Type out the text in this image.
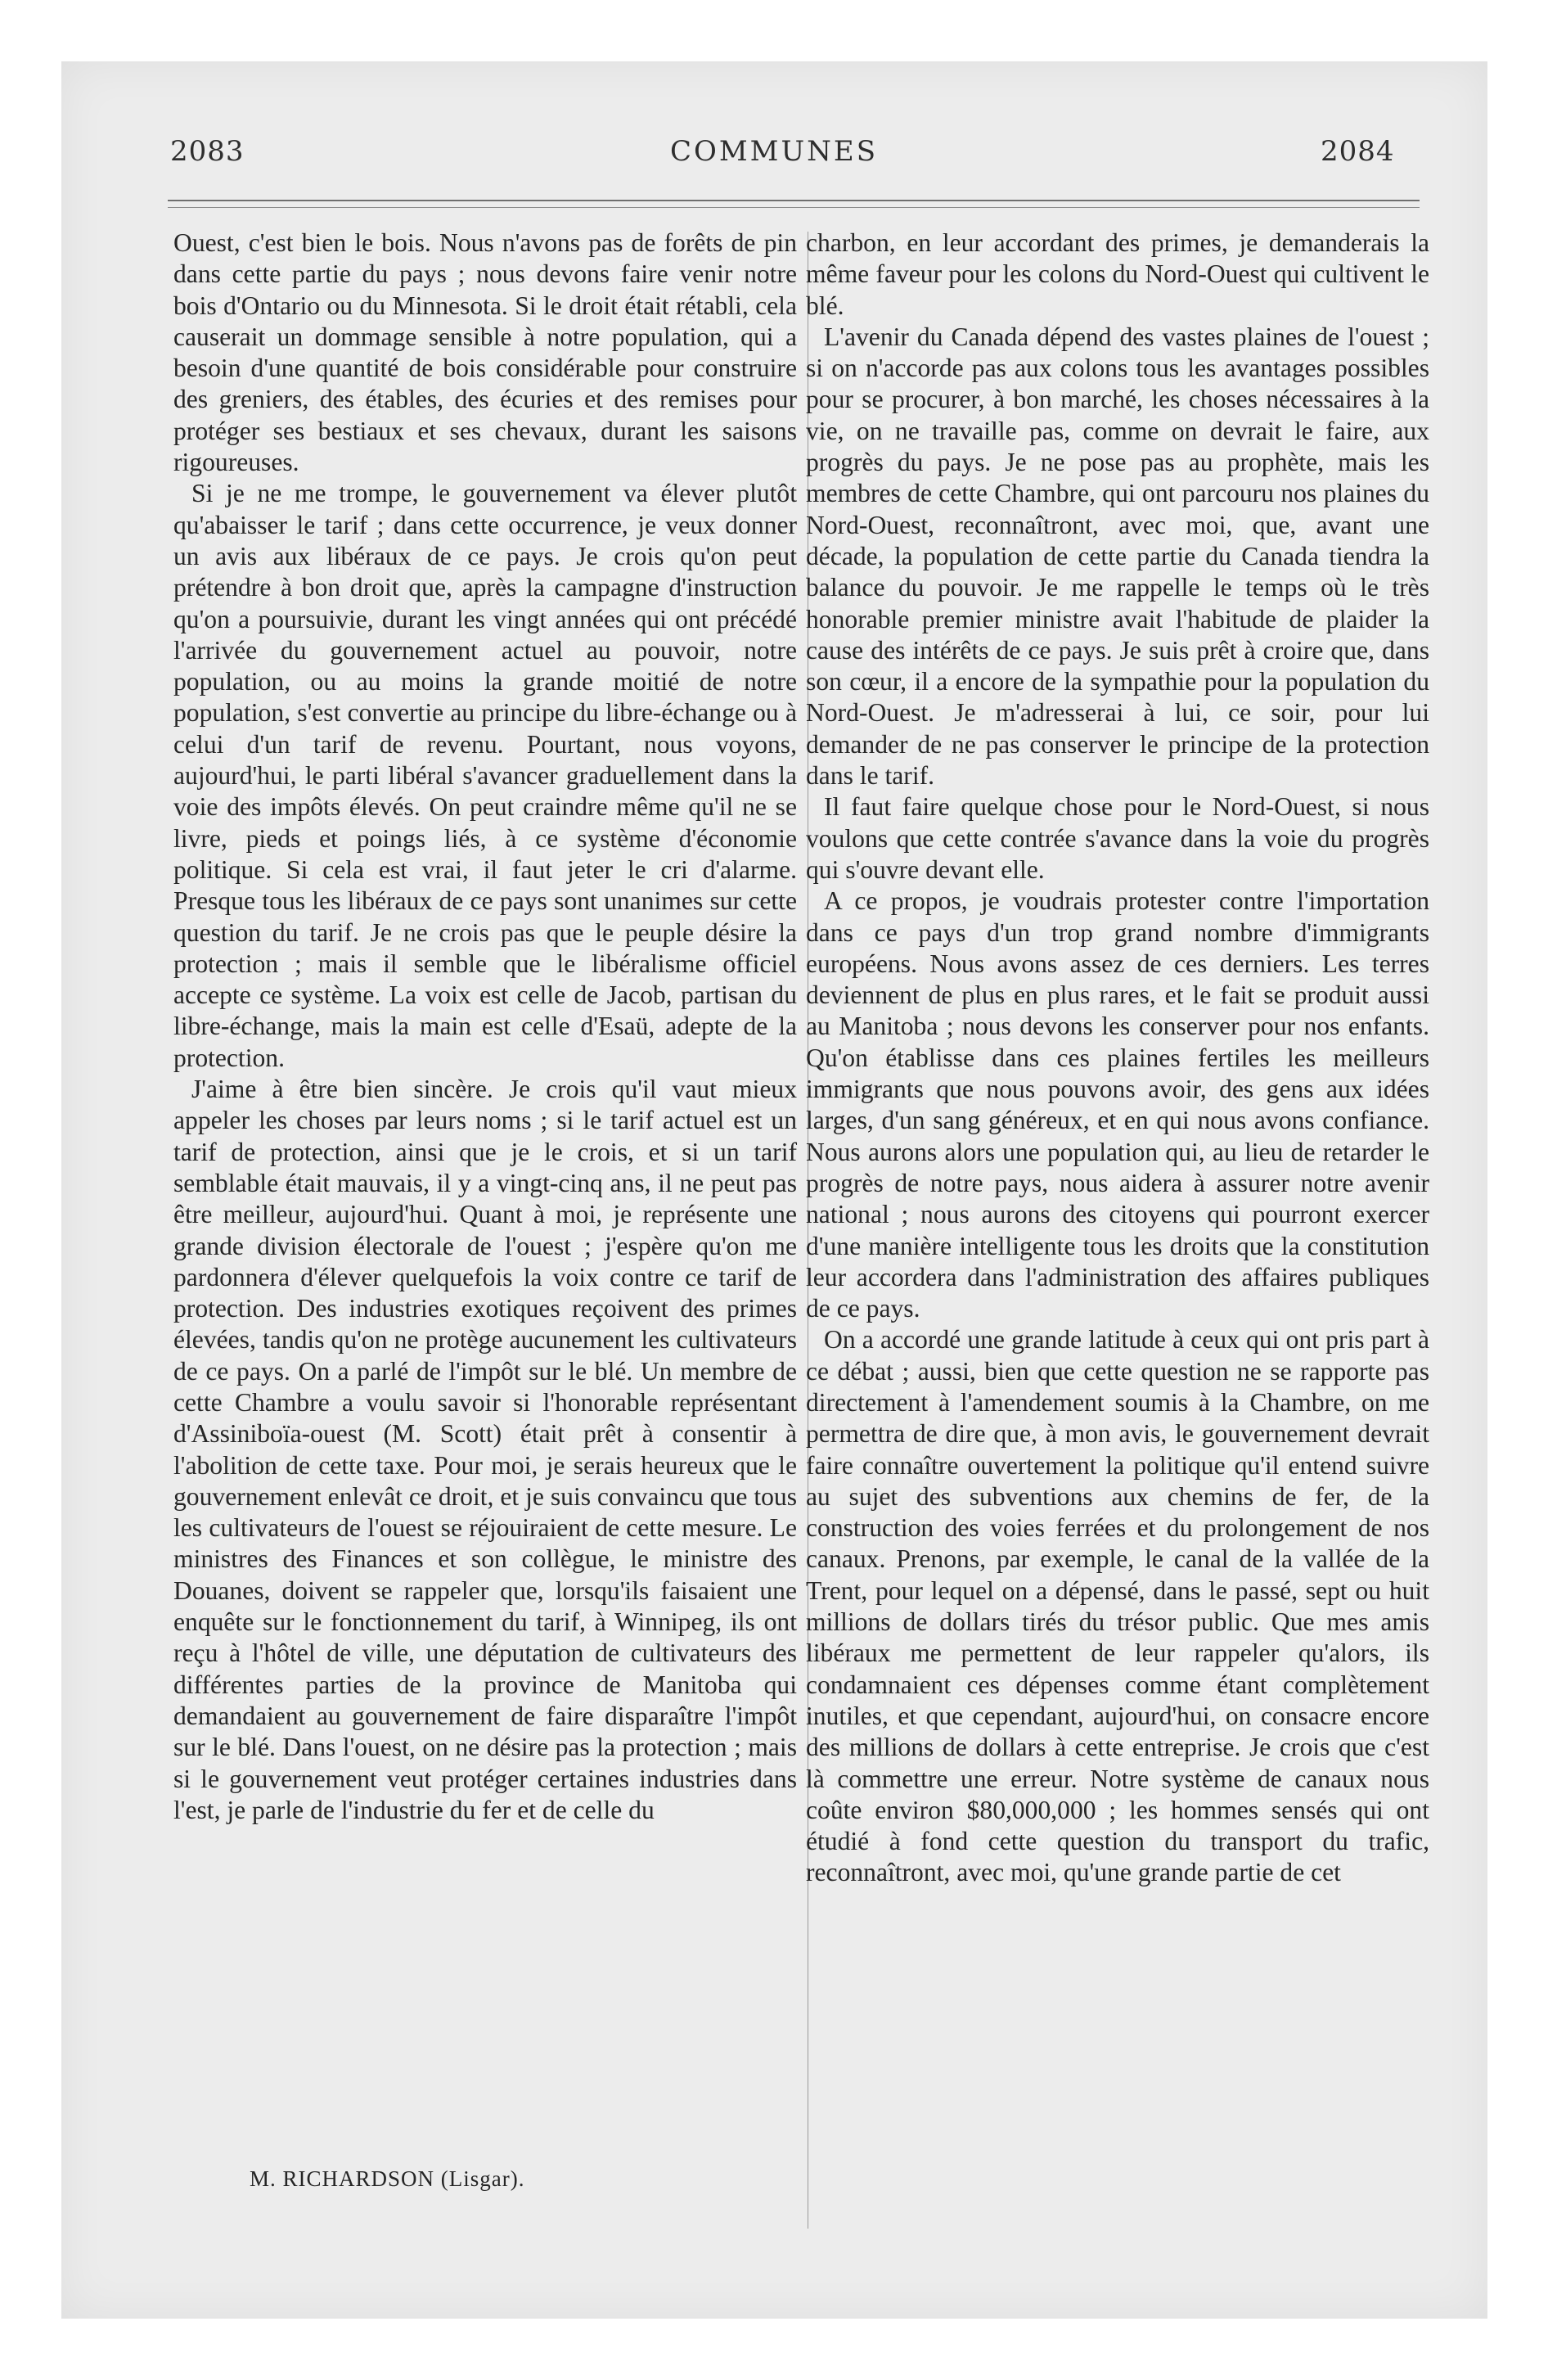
2083	COMMUNES	2084

Ouest, c'est bien le bois. Nous n'avons pas de forêts de pin dans cette partie du pays ; nous devons faire venir notre bois d'Ontario ou du Minnesota. Si le droit était rétabli, cela causerait un dommage sensible à notre population, qui a besoin d'une quantité de bois considérable pour construire des greniers, des étables, des écuries et des remises pour protéger ses bestiaux et ses chevaux, durant les saisons rigoureuses.

Si je ne me trompe, le gouvernement va élever plutôt qu'abaisser le tarif ; dans cette occurrence, je veux donner un avis aux libéraux de ce pays. Je crois qu'on peut prétendre à bon droit que, après la campagne d'instruction qu'on a poursuivie, durant les vingt années qui ont précédé l'arrivée du gouvernement actuel au pouvoir, notre population, ou au moins la grande moitié de notre population, s'est convertie au principe du libre-échange ou à celui d'un tarif de revenu. Pourtant, nous voyons, aujourd'hui, le parti libéral s'avancer graduellement dans la voie des impôts élevés. On peut craindre même qu'il ne se livre, pieds et poings liés, à ce système d'économie politique. Si cela est vrai, il faut jeter le cri d'alarme. Presque tous les libéraux de ce pays sont unanimes sur cette question du tarif. Je ne crois pas que le peuple désire la protection ; mais il semble que le libéralisme officiel accepte ce système. La voix est celle de Jacob, partisan du libre-échange, mais la main est celle d'Esaü, adepte de la protection.

J'aime à être bien sincère. Je crois qu'il vaut mieux appeler les choses par leurs noms ; si le tarif actuel est un tarif de protection, ainsi que je le crois, et si un tarif semblable était mauvais, il y a vingt-cinq ans, il ne peut pas être meilleur, aujourd'hui. Quant à moi, je représente une grande division électorale de l'ouest ; j'espère qu'on me pardonnera d'élever quelquefois la voix contre ce tarif de protection. Des industries exotiques reçoivent des primes élevées, tandis qu'on ne protège aucunement les cultivateurs de ce pays. On a parlé de l'impôt sur le blé. Un membre de cette Chambre a voulu savoir si l'honorable représentant d'Assiniboïa-ouest (M. Scott) était prêt à consentir à l'abolition de cette taxe. Pour moi, je serais heureux que le gouvernement enlevât ce droit, et je suis convaincu que tous les cultivateurs de l'ouest se réjouiraient de cette mesure. Le ministres des Finances et son collègue, le ministre des Douanes, doivent se rappeler que, lorsqu'ils faisaient une enquête sur le fonctionnement du tarif, à Winnipeg, ils ont reçu à l'hôtel de ville, une députation de cultivateurs des différentes parties de la province de Manitoba qui demandaient au gouvernement de faire disparaître l'impôt sur le blé. Dans l'ouest, on ne désire pas la protection ; mais si le gouvernement veut protéger certaines industries dans l'est, je parle de l'industrie du fer et de celle du

M. RICHARDSON (Lisgar).

charbon, en leur accordant des primes, je demanderais la même faveur pour les colons du Nord-Ouest qui cultivent le blé.

L'avenir du Canada dépend des vastes plaines de l'ouest ; si on n'accorde pas aux colons tous les avantages possibles pour se procurer, à bon marché, les choses nécessaires à la vie, on ne travaille pas, comme on devrait le faire, aux progrès du pays. Je ne pose pas au prophète, mais les membres de cette Chambre, qui ont parcouru nos plaines du Nord-Ouest, reconnaîtront, avec moi, que, avant une décade, la population de cette partie du Canada tiendra la balance du pouvoir. Je me rappelle le temps où le très honorable premier ministre avait l'habitude de plaider la cause des intérêts de ce pays. Je suis prêt à croire que, dans son cœur, il a encore de la sympathie pour la population du Nord-Ouest. Je m'adresserai à lui, ce soir, pour lui demander de ne pas conserver le principe de la protection dans le tarif.

Il faut faire quelque chose pour le Nord-Ouest, si nous voulons que cette contrée s'avance dans la voie du progrès qui s'ouvre devant elle.

A ce propos, je voudrais protester contre l'importation dans ce pays d'un trop grand nombre d'immigrants européens. Nous avons assez de ces derniers. Les terres deviennent de plus en plus rares, et le fait se produit aussi au Manitoba ; nous devons les conserver pour nos enfants. Qu'on établisse dans ces plaines fertiles les meilleurs immigrants que nous pouvons avoir, des gens aux idées larges, d'un sang généreux, et en qui nous avons confiance. Nous aurons alors une population qui, au lieu de retarder le progrès de notre pays, nous aidera à assurer notre avenir national ; nous aurons des citoyens qui pourront exercer d'une manière intelligente tous les droits que la constitution leur accordera dans l'administration des affaires publiques de ce pays.

On a accordé une grande latitude à ceux qui ont pris part à ce débat ; aussi, bien que cette question ne se rapporte pas directement à l'amendement soumis à la Chambre, on me permettra de dire que, à mon avis, le gouvernement devrait faire connaître ouvertement la politique qu'il entend suivre au sujet des subventions aux chemins de fer, de la construction des voies ferrées et du prolongement de nos canaux. Prenons, par exemple, le canal de la vallée de la Trent, pour lequel on a dépensé, dans le passé, sept ou huit millions de dollars tirés du trésor public. Que mes amis libéraux me permettent de leur rappeler qu'alors, ils condamnaient ces dépenses comme étant complètement inutiles, et que cependant, aujourd'hui, on consacre encore des millions de dollars à cette entreprise. Je crois que c'est là commettre une erreur. Notre système de canaux nous coûte environ $80,000,000 ; les hommes sensés qui ont étudié à fond cette question du transport du trafic, reconnaîtront, avec moi, qu'une grande partie de cet
